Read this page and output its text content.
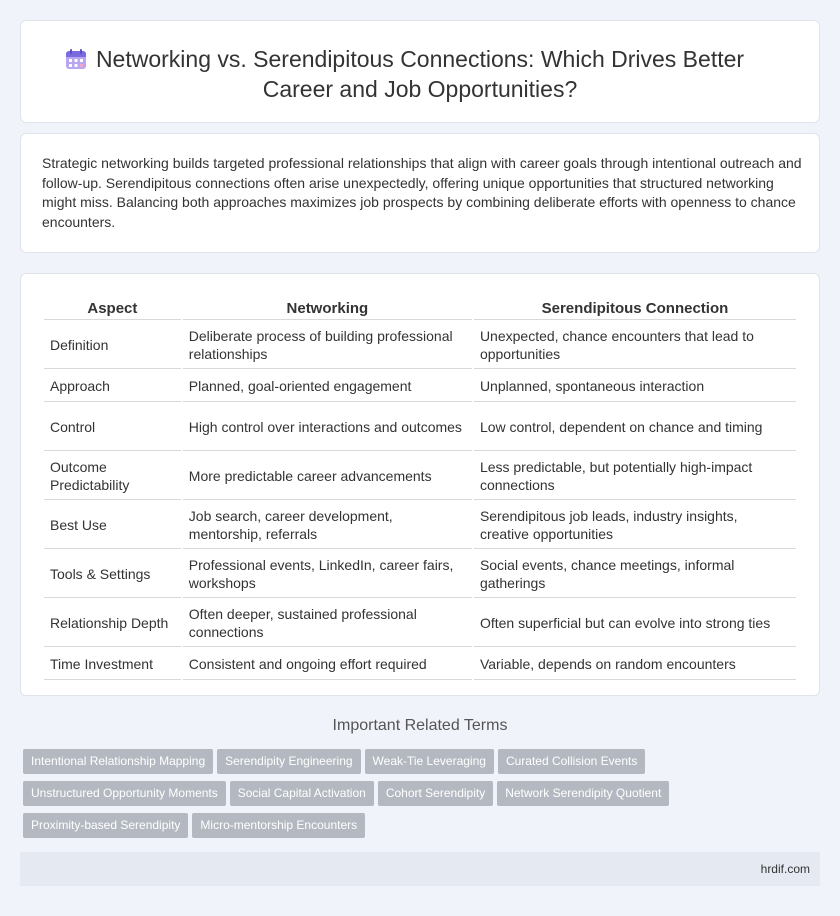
Networking vs. Serendipitous Connections: Which Drives Better Career and Job Opportunities?

Strategic networking builds targeted professional relationships that align with career goals through intentional outreach and follow-up. Serendipitous connections often arise unexpectedly, offering unique opportunities that structured networking might miss. Balancing both approaches maximizes job prospects by combining deliberate efforts with openness to chance encounters.

Aspect	Networking	Serendipitous Connection
Definition	Deliberate process of building professional relationships	Unexpected, chance encounters that lead to opportunities
Approach	Planned, goal-oriented engagement	Unplanned, spontaneous interaction
Control	High control over interactions and outcomes	Low control, dependent on chance and timing
Outcome Predictability	More predictable career advancements	Less predictable, but potentially high-impact connections
Best Use	Job search, career development, mentorship, referrals	Serendipitous job leads, industry insights, creative opportunities
Tools & Settings	Professional events, LinkedIn, career fairs, workshops	Social events, chance meetings, informal gatherings
Relationship Depth	Often deeper, sustained professional connections	Often superficial but can evolve into strong ties
Time Investment	Consistent and ongoing effort required	Variable, depends on random encounters
Important Related Terms
Intentional Relationship Mapping Serendipity Engineering Weak-Tie Leveraging Curated Collision Events
Unstructured Opportunity Moments Social Capital Activation Cohort Serendipity Network Serendipity Quotient
Proximity-based Serendipity Micro-mentorship Encounters
hrdif.com
